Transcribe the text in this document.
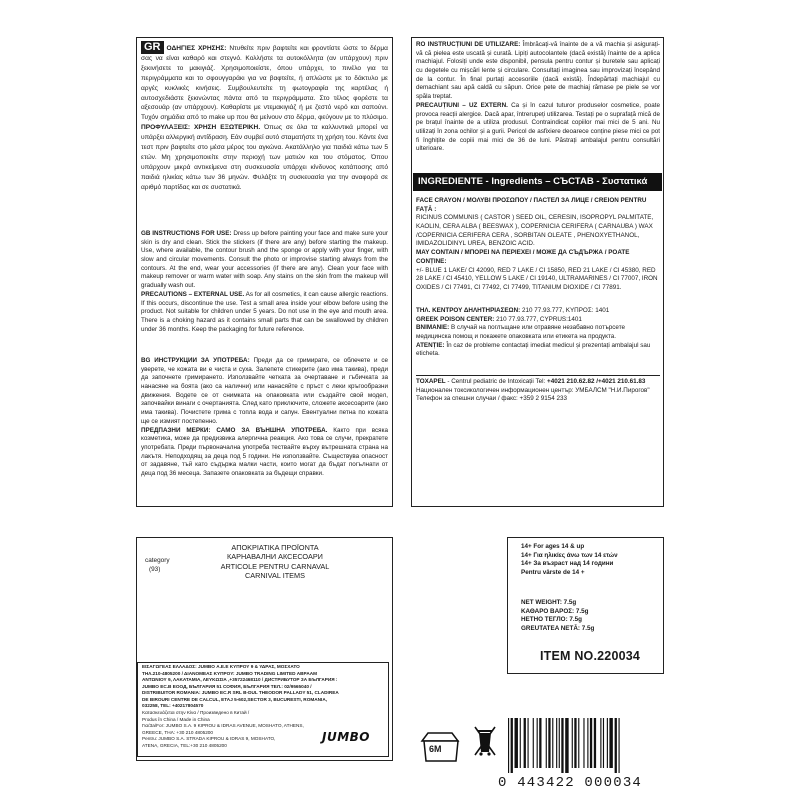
GR ΟΔΗΓΙΕΣ ΧΡΗΣΗΣ: Ντυθείτε πριν βαφτείτε και φροντίστε ώστε το δέρμα σας να είναι καθαρό και στεγνό. Κολλήστε τα αυτοκόλλητα (αν υπάρχουν) πριν ξεκινήσετε το μακιγιάζ. Χρησιμοποιείστε, όπου υπάρχει, το πινέλο για τα περιγράμματα και το σφουγγαράκι για να βαφτείτε, ή απλώστε με το δάκτυλο με αργές κυκλικές κινήσεις. Συμβουλευτείτε τη φωτογραφία της καρτέλας ή αυτοσχεδιάστε ξεκινώντας πάντα από τα περιγράμματα. Στο τέλος φορέστε τα αξεσουάρ (αν υπάρχουν). Καθαρίστε με ντεμακιγιάζ ή με ζεστό νερό και σαπούνι. Τυχόν σημάδια από το make up που θα μείνουν στο δέρμα, φεύγουν με το πλύσιμο. ΠΡΟΦΥΛΑΞΕΙΣ: ΧΡΗΣΗ ΕΞΩΤΕΡΙΚΗ. Όπως σε όλα τα καλλυντικά μπορεί να υπάρξει αλλεργική αντίδραση. Εάν συμβεί αυτό σταματήστε τη χρήση του. Κάντε ένα τεστ πριν βαφτείτε στο μέσα μέρος του αγκώνα. Ακατάλληλο για παιδιά κάτω των 5 ετών. Μη χρησιμοποιείτε στην περιοχή των ματιών και του στόματος. Όπου υπάρχουν μικρά αντικείμενα στη συσκευασία υπάρχει κίνδυνος κατάποσης από παιδιά ηλικίας κάτω των 36 μηνών. Φυλάξτε τη συσκευασία για την αναφορά σε αριθμό παρτίδας και σε συστατικά.
GB INSTRUCTIONS FOR USE: Dress up before painting your face and make sure your skin is dry and clean. Stick the stickers (if there are any) before starting the makeup. Use, where available, the contour brush and the sponge or apply with your finger, with slow and circular movements. Consult the photo or improvise starting always from the contours. At the end, wear your accessories (if there are any). Clean your face with makeup remover or warm water with soap. Any stains on the skin from the makeup will gradually wash out.
PRECAUTIONS – EXTERNAL USE. As for all cosmetics, it can cause allergic reactions. If this occurs, discontinue the use. Test a small area inside your elbow before using the product. Not suitable for children under 5 years. Do not use in the eye and mouth area. There is a choking hazard as it contains small parts that can be swallowed by children under 36 months. Keep the packaging for future reference.
BG ИНСТРУКЦИИ ЗА УПОТРЕБА: Преди да се гримирате, се облечете и се уверете, че кожата ви е чиста и суха. Залепете стикерите (ако има такива), преди да започнете гримирането. Използвайте четката за очертаване и гъбичката за нанасяне на боята (ако са налични) или нанасяйте с пръст с леки кръгообразни движения. Водете се от снимката на опаковката или създайте свой модел, започвайки винаги с очертанията. След като приключите, сложете аксесоарите (ако има такива). Почистете грима с топла вода и сапун. Евентуални петна по кожата ще се измият постепенно.
ПРЕДПАЗНИ МЕРКИ: САМО ЗА ВЪНШНА УПОТРЕБА. Както при всяка козметика, може да предизвика алергична реакция. Ако това се случи, прекратете употребата. Преди първоначална употреба тествайте върху вътрешната страна на лакътя. Неподходящ за деца под 5 години. Не използвайте. Съществува опасност от задавяне, тъй като съдържа малки части, които могат да бъдат погълнати от деца под 36 месеца. Запазете опаковката за бъдещи справки.
RO INSTRUCȚIUNI DE UTILIZARE: Îmbrăcați-vă înainte de a vă machia și asigurați-vă că pielea este uscată și curată. Lipiți autocolantele (dacă există) înainte de a aplica machiajul. Folosiți unde este disponibil, pensula pentru contur și buretele sau aplicați cu degetele cu mișcări lente și circulare. Consultați imaginea sau improvizați începând de la contur. În final purtați accesoriile (dacă există). Îndepărtați machiajul cu demachiant sau apă caldă cu săpun. Orice pete de machiaj rămase pe piele se vor spăla treptat.
PRECAUȚIUNI – UZ EXTERN. Ca și în cazul tuturor produselor cosmetice, poate provoca reacții alergice. Dacă apar, întrerupeți utilizarea. Testați pe o suprafață mică de pe brațul înainte de a utiliza produsul. Contraindicat copiilor mai mici de 5 ani. Nu utilizați în zona ochilor și a gurii. Pericol de asfixiere deoarece conține piese mici ce pot fi înghițite de copiii mai mici de 36 de luni. Păstrați ambalajul pentru consultări ulterioare.
INGREDIENTE - Ingredients – СЪСТАВ - Συστατικά
FACE CRAYON / ΜΟΛΥΒΙ ΠΡΟΣΩΠΟΥ / ПАСТЕЛ ЗА ЛИЦЕ / CREION PENTRU FAȚĂ :
RICINUS COMMUNIS ( CASTOR ) SEED OIL, CERESIN, ISOPROPYL PALMITATE, KAOLIN, CERA ALBA ( BEESWAX ), COPERNICIA CERIFERA ( CARNAUBA ) WAX /COPERNICIA CERIFERA CERA , SORBITAN OLEATE , PHENOXYETHANOL, IMIDAZOLIDINYL UREA, BENZOIC ACID.
MAY CONTAIN / ΜΠΟΡΕΙ ΝΑ ΠΕΡΙΕΧΕΙ / МОЖЕ ДА СЪДЪРЖА / POATE CONȚINE:
+/- BLUE 1 LAKE/ CI 42090, RED 7 LAKE / CI 15850, RED 21 LAKE / CI 45380, RED 28 LAKE / CI 45410, YELLOW 5 LAKE / CI 19140, ULTRAMARINES / CI 77007, IRON OXIDES / CI 77491, CI 77492, CI 77499, TITANIUM DIOXIDE / CI 77891.
ΤΗΛ. ΚΕΝΤΡΟΥ ΔΗΛΗΤΗΡΙΑΣΕΩΝ: 210 77.93.777, ΚΥΠΡΟΣ: 1401
GREEK POISON CENTER: 210 77.93.777, CYPRUS:1401
ΒΝΙΜΑΝΙΕ: В случай на поглъщане или отравяне незабавно потърсете медицинска помощ и покажете опаковката или етикета на продукта.
ATENȚIE: În caz de probleme contactați imediat medicul și prezentați ambalajul sau eticheta.
TOXAPEL - Centrul pediatric de Intoxicații Tel: +4021 210.62.82 /+4021 210.61.83
Национален токсикологичен информационен център: УМБАЛСМ "Н.И.Пирогов"
Телефон за спешни случаи / факс: +359 2 9154 233
category
(93)
ΑΠΟΚΡΙΑΤΙΚΑ ΠΡΟΪΟΝΤΑ
КАРНАВАЛНИ АКСЕСОАРИ
ARTICOLE PENTRU CARNAVAL
CARNIVAL ITEMS
ΕΙΣΑΓΩΓΕΑΣ ΕΛΛΑΔΟΣ: JUMBO Α.Ε.Ε ΚΥΠΡΟΥ 9 & ΥΔΡΑΣ, ΜΟΣΧΑΤΟ
ΤΗΛ.210-4805200 / ΔΙΑΝΟΜΕΑΣ ΚΥΠΡΟΥ: JUMBO TRADING LIMITED ΑΒΡΑΑΜ
ΑΝΤΩΝΙΟΥ 9, ΛΑΚΑΤΑΜΙΑ, ΛΕΥΚΩΣΙΑ ,+35722468110 / ДИСТРИБУТОР ЗА БЪЛГАРИЯ :
JUMBO EC.B ЕООД, БЪЛГАРИЯ 51 СОФИЯ, БЪЛГАРИЯ ТЕЛ.: 02/9565040 /
DISTRIBUITOR ROMANIA: JUMBO EC.R SRL B-DUL THEODOR PALLADY 51, CLADIREA
DE BIROURI CENTRE DE CALCUL, ETAJ 5-602,SECTOR 3, BUCURESTI, ROMANIA,
032258, TEL: +40217804570
Κατασκευάζεται στην Κίνα / Произведено в Китай /
Produs în China / Made in China
Για/За/For: JUMBO S.A. 9 KIPROU & IDRAS AVENUE, MOSHATO, ATHENS,
GREECE, ΤΗΛ: +30 210 4805200
Pentru: JUMBO S.A. STRADA KIPROU & IDRAS 9, MOSHATO,
ATENA, GRECIA, TEL:+30 210 4805200
JUMBO
14+ For ages 14 & up
14+ Για ηλικίες άνω των 14 ετών
14+ За възраст над 14 години
Pentru vârste de 14 +
NET WEIGHT: 7.5g
ΚΑΘΑΡΟ ΒΑΡΟΣ: 7.5g
НЕТНО ТЕГЛО: 7.5g
GREUTATEA NETĂ: 7.5g
ITEM NO.220034
6M
0 443422 000034
